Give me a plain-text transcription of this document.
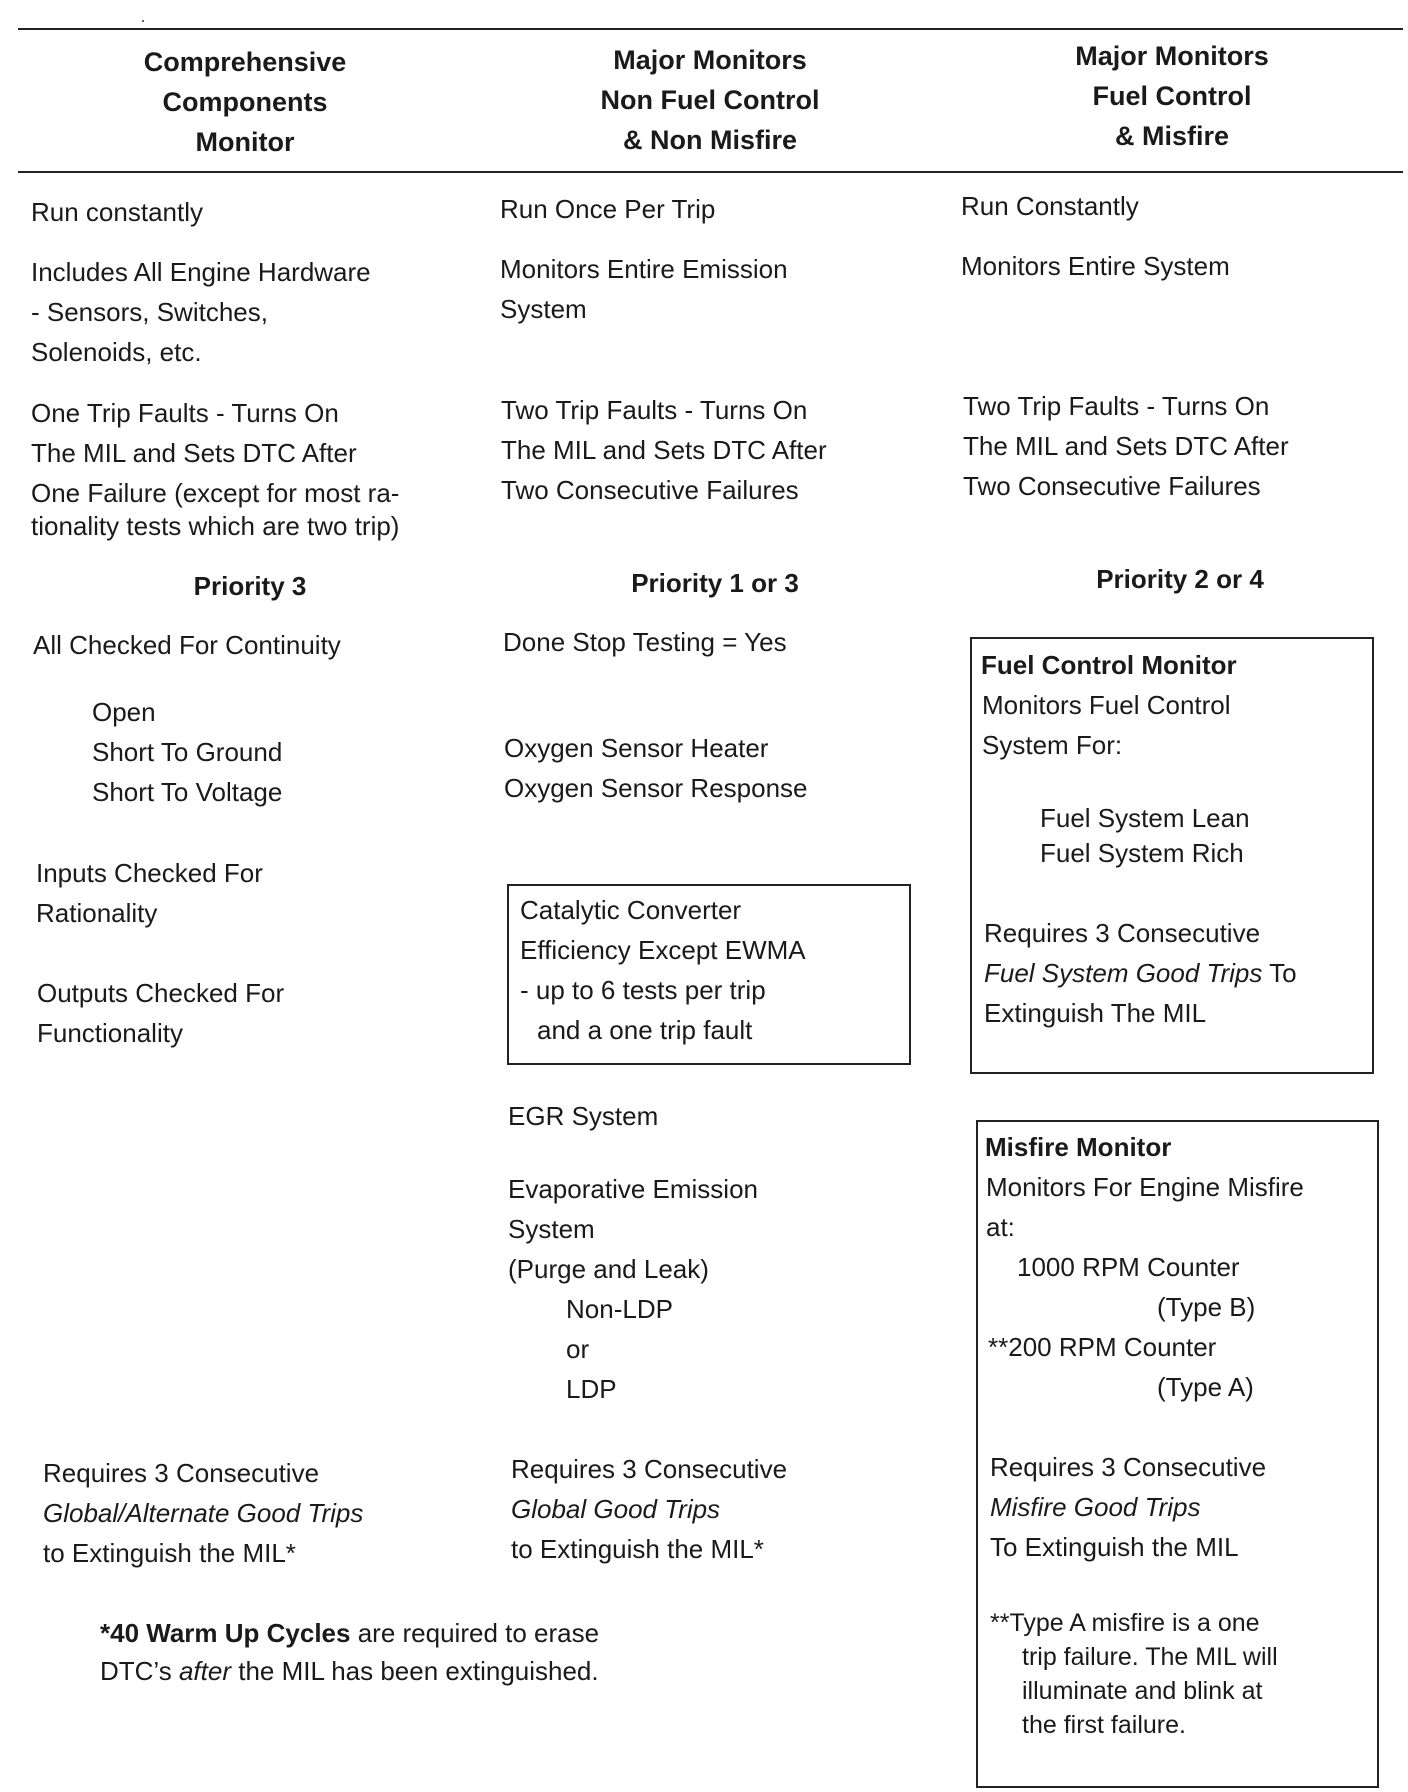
Comprehensive
Components
Monitor
Major Monitors
Non Fuel Control
& Non Misfire
Major Monitors
Fuel Control
& Misfire
Run constantly
Includes All Engine Hardware
- Sensors, Switches,
Solenoids, etc.
One Trip Faults - Turns On
The MIL and Sets DTC After
One Failure (except for most ra-
tionality tests which are two trip)
Priority 3
All Checked For Continuity
Open
Short To Ground
Short To Voltage
Inputs Checked For
Rationality
Outputs Checked For
Functionality
Requires 3 Consecutive
Global/Alternate Good Trips
to Extinguish the MIL*
Run Once Per Trip
Monitors Entire Emission
System
Two Trip Faults - Turns On
The MIL and Sets DTC After
Two Consecutive Failures
Priority 1 or 3
Done Stop Testing = Yes
Oxygen Sensor Heater
Oxygen Sensor Response
Catalytic Converter
Efficiency Except EWMA
- up to 6 tests per trip
and a one trip fault
EGR System
Evaporative Emission
System
(Purge and Leak)
Non-LDP
or
LDP
Requires 3 Consecutive
Global Good Trips
to Extinguish the MIL*
Run Constantly
Monitors Entire System
Two Trip Faults - Turns On
The MIL and Sets DTC After
Two Consecutive Failures
Priority 2 or 4
Fuel Control Monitor
Monitors Fuel Control
System For:
Fuel System Lean
Fuel System Rich
Requires 3 Consecutive
Fuel System Good Trips To
Extinguish The MIL
Misfire Monitor
Monitors For Engine Misfire
at:
1000 RPM Counter
(Type B)
**200 RPM Counter
(Type A)
Requires 3 Consecutive
Misfire Good Trips
To Extinguish the MIL
**Type A misfire is a one
trip failure. The MIL will
illuminate and blink at
the first failure.
*40 Warm Up Cycles are required to erase
DTC’s after the MIL has been extinguished.
